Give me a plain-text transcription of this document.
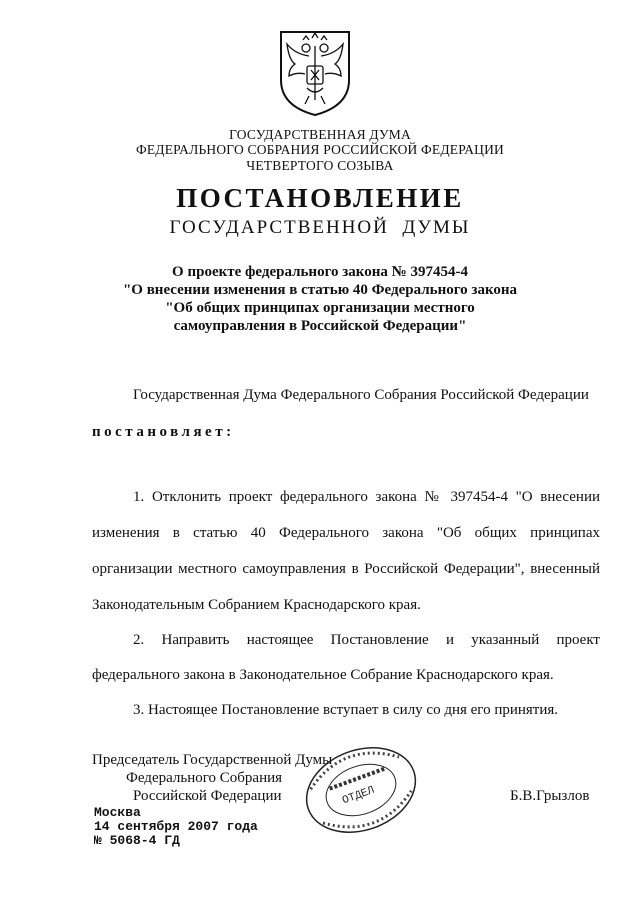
ГОСУДАРСТВЕННАЯ ДУМА
ФЕДЕРАЛЬНОГО СОБРАНИЯ РОССИЙСКОЙ ФЕДЕРАЦИИ
ЧЕТВЕРТОГО СОЗЫВА
ПОСТАНОВЛЕНИЕ
ГОСУДАРСТВЕННОЙ  ДУМЫ
О проекте федерального закона № 397454-4
"О внесении изменения в статью 40 Федерального закона
"Об общих принципах организации местного
самоуправления в Российской Федерации"
Государственная Дума Федерального Собрания Российской Федерации
постановляет:
1. Отклонить проект федерального закона № 397454-4 "О внесении
изменения в статью 40 Федерального закона "Об общих принципах
организации местного самоуправления в Российской Федерации", внесенный
Законодательным Собранием Краснодарского края.
2. Направить настоящее Постановление и указанный проект
федерального закона в Законодательное Собрание Краснодарского края.
3. Настоящее Постановление вступает в силу со дня его принятия.
ОТДЕЛ
Председатель Государственной Думы
Федерального Собрания
Российской Федерации	Б.В.Грызлов
Москва
14 сентября 2007 года
№ 5068-4 ГД
